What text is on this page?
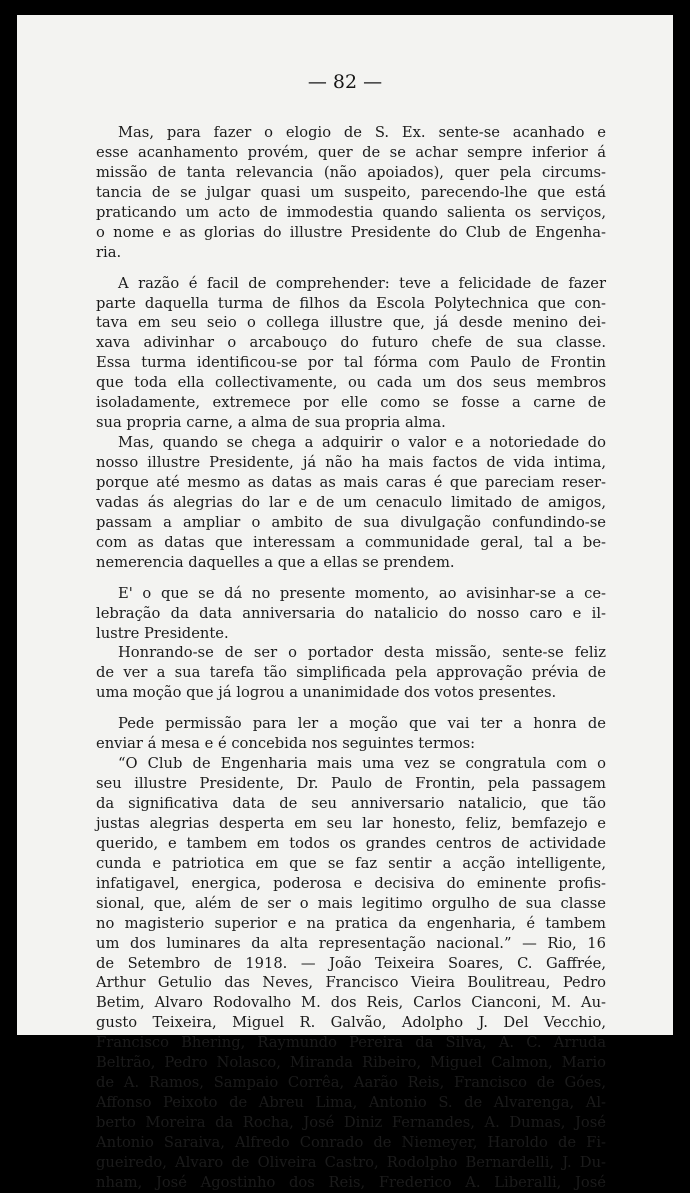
— 82 —
Mas, para fazer o elogio de S. Ex. sente-se acanhado e
esse acanhamento provém, quer de se achar sempre inferior á
missão de tanta relevancia (não apoiados), quer pela circums-
tancia de se julgar quasi um suspeito, parecendo-lhe que está
praticando um acto de immodestia quando salienta os serviços,
o nome e as glorias do illustre Presidente do Club de Engenha-
ria.
A razão é facil de comprehender: teve a felicidade de fazer
parte daquella turma de filhos da Escola Polytechnica que con-
tava em seu seio o collega illustre que, já desde menino dei-
xava adivinhar o arcabouço do futuro chefe de sua classe.
Essa turma identificou-se por tal fórma com Paulo de Frontin
que toda ella collectivamente, ou cada um dos seus membros
isoladamente, extremece por elle como se fosse a carne de
sua propria carne, a alma de sua propria alma.
Mas, quando se chega a adquirir o valor e a notoriedade do
nosso illustre Presidente, já não ha mais factos de vida intima,
porque até mesmo as datas as mais caras é que pareciam reser-
vadas ás alegrias do lar e de um cenaculo limitado de amigos,
passam a ampliar o ambito de sua divulgação confundindo-se
com as datas que interessam a communidade geral, tal a be-
nemerencia daquelles a que a ellas se prendem.
E' o que se dá no presente momento, ao avisinhar-se a ce-
lebração da data anniversaria do natalicio do nosso caro e il-
lustre Presidente.
Honrando-se de ser o portador desta missão, sente-se feliz
de ver a sua tarefa tão simplificada pela approvação prévia de
uma moção que já logrou a unanimidade dos votos presentes.
Pede permissão para ler a moção que vai ter a honra de
enviar á mesa e é concebida nos seguintes termos:
“O Club de Engenharia mais uma vez se congratula com o
seu illustre Presidente, Dr. Paulo de Frontin, pela passagem
da significativa data de seu anniversario natalicio, que tão
justas alegrias desperta em seu lar honesto, feliz, bemfazejo e
querido, e tambem em todos os grandes centros de actividade
cunda e patriotica em que se faz sentir a acção intelligente,
infatigavel, energica, poderosa e decisiva do eminente profis-
sional, que, além de ser o mais legitimo orgulho de sua classe
no magisterio superior e na pratica da engenharia, é tambem
um dos luminares da alta representação nacional.” — Rio, 16
de Setembro de 1918. — João Teixeira Soares, C. Gaffrée,
Arthur Getulio das Neves, Francisco Vieira Boulitreau, Pedro
Betim, Alvaro Rodovalho M. dos Reis, Carlos Cianconi, M. Au-
gusto Teixeira, Miguel R. Galvão, Adolpho J. Del Vecchio,
Francisco Bhering, Raymundo Pereira da Silva, A. C. Arruda
Beltrão, Pedro Nolasco, Miranda Ribeiro, Miguel Calmon, Mario
de A. Ramos, Sampaio Corrêa, Aarão Reis, Francisco de Góes,
Affonso Peixoto de Abreu Lima, Antonio S. de Alvarenga, Al-
berto Moreira da Rocha, José Diniz Fernandes, A. Dumas, José
Antonio Saraiva, Alfredo Conrado de Niemeyer, Haroldo de Fi-
gueiredo, Alvaro de Oliveira Castro, Rodolpho Bernardelli, J. Du-
nham, José Agostinho dos Reis, Frederico A. Liberalli, José
